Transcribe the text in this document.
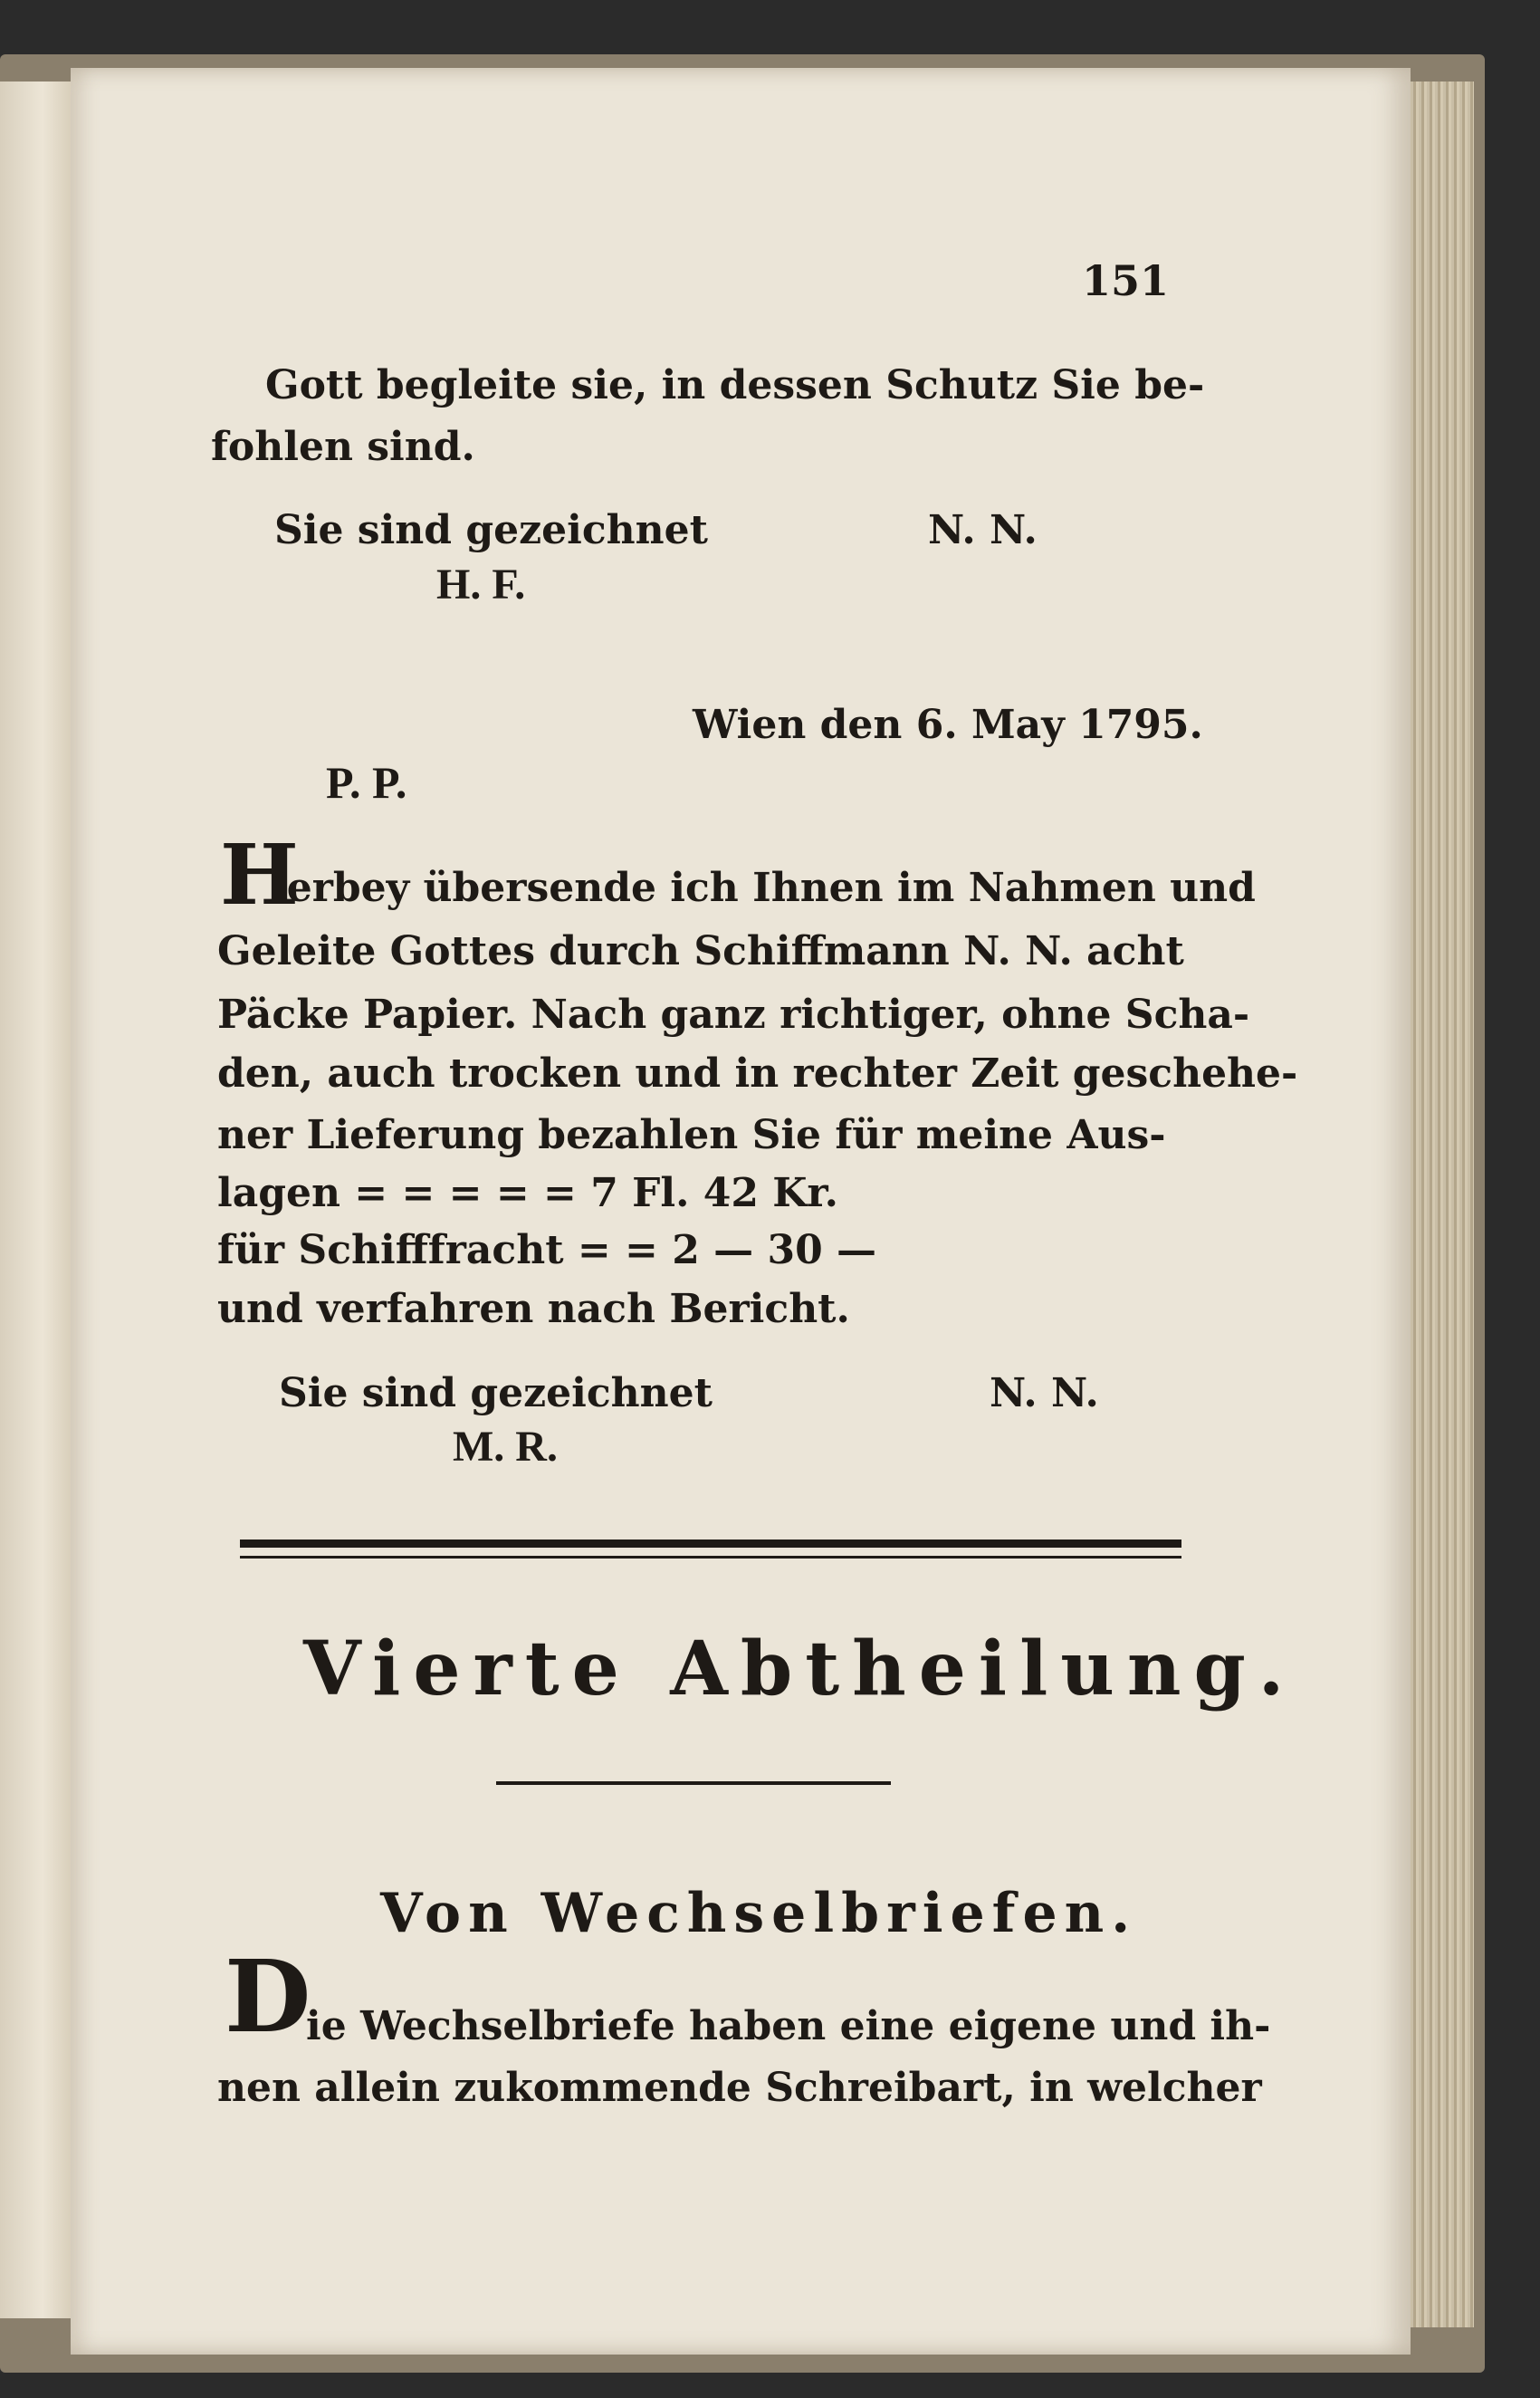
151
Gott begleite sie, in dessen Schutz Sie be-
fohlen sind.
Sie sind gezeichnet	N. N.
H. F.
Wien den 6. May 1795.
P. P.
H
ierbey übersende ich Ihnen im Nahmen und
Geleite Gottes durch Schiffmann N. N. acht
Päcke Papier. Nach ganz richtiger, ohne Scha-
den, auch trocken und in rechter Zeit geschehe-
ner Lieferung bezahlen Sie für meine Aus-
lagen = = = = = 7 Fl. 42 Kr.
für Schifffracht = = 2 — 30 —
und verfahren nach Bericht.
Sie sind gezeichnet	N. N.
M. R.
Vierte Abtheilung.
Von Wechselbriefen.
D
ie Wechselbriefe haben eine eigene und ih-
nen allein zukommende Schreibart, in welcher
